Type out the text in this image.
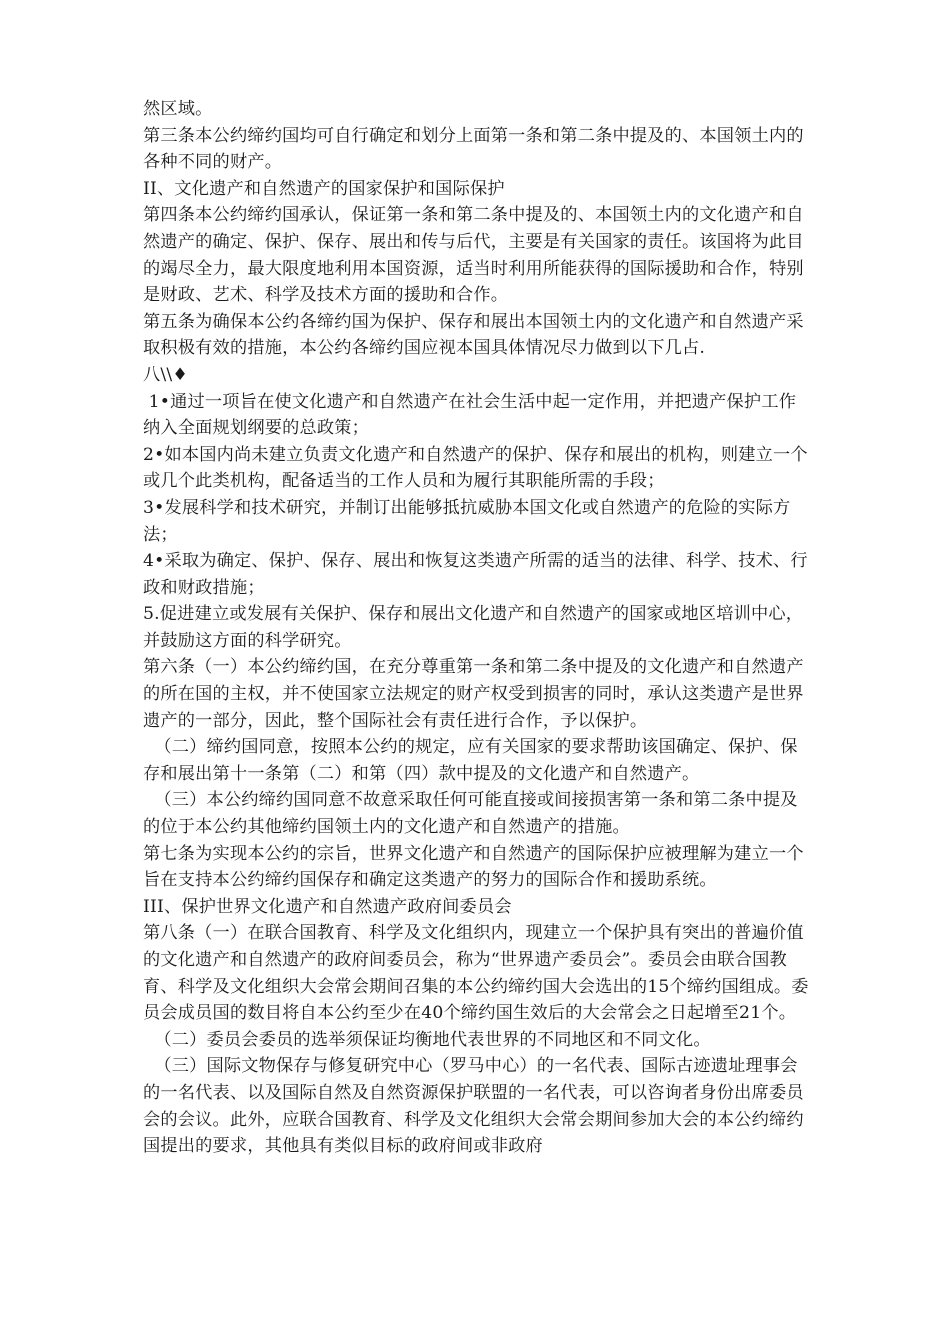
然区域。

第三条本公约缔约国均可自行确定和划分上面第一条和第二条中提及的、本国领土内的各种不同的财产。

II、文化遗产和自然遗产的国家保护和国际保护

第四条本公约缔约国承认，保证第一条和第二条中提及的、本国领土内的文化遗产和自然遗产的确定、保护、保存、展出和传与后代，主要是有关国家的责任。该国将为此目的竭尽全力，最大限度地利用本国资源，适当时利用所能获得的国际援助和合作，特别是财政、艺术、科学及技术方面的援助和合作。

第五条为确保本公约各缔约国为保护、保存和展出本国领土内的文化遗产和自然遗产采取积极有效的措施，本公约各缔约国应视本国具体情况尽力做到以下几占.

八\\♦

1•通过一项旨在使文化遗产和自然遗产在社会生活中起一定作用，并把遗产保护工作纳入全面规划纲要的总政策；

2•如本国内尚未建立负责文化遗产和自然遗产的保护、保存和展出的机构，则建立一个或几个此类机构，配备适当的工作人员和为履行其职能所需的手段；

3•发展科学和技术研究，并制订出能够抵抗威胁本国文化或自然遗产的危险的实际方法；

4•采取为确定、保护、保存、展出和恢复这类遗产所需的适当的法律、科学、技术、行政和财政措施；

5.促进建立或发展有关保护、保存和展出文化遗产和自然遗产的国家或地区培训中心，并鼓励这方面的科学研究。

第六条（一）本公约缔约国，在充分尊重第一条和第二条中提及的文化遗产和自然遗产的所在国的主权，并不使国家立法规定的财产权受到损害的同时，承认这类遗产是世界遗产的一部分，因此，整个国际社会有责任进行合作，予以保护。

（二）缔约国同意，按照本公约的规定，应有关国家的要求帮助该国确定、保护、保存和展出第十一条第（二）和第（四）款中提及的文化遗产和自然遗产。

（三）本公约缔约国同意不故意采取任何可能直接或间接损害第一条和第二条中提及的位于本公约其他缔约国领土内的文化遗产和自然遗产的措施。

第七条为实现本公约的宗旨，世界文化遗产和自然遗产的国际保护应被理解为建立一个旨在支持本公约缔约国保存和确定这类遗产的努力的国际合作和援助系统。

III、保护世界文化遗产和自然遗产政府间委员会

第八条（一）在联合国教育、科学及文化组织内，现建立一个保护具有突出的普遍价值的文化遗产和自然遗产的政府间委员会，称为“世界遗产委员会”。委员会由联合国教育、科学及文化组织大会常会期间召集的本公约缔约国大会选出的15个缔约国组成。委员会成员国的数目将自本公约至少在40个缔约国生效后的大会常会之日起增至21个。

（二）委员会委员的选举须保证均衡地代表世界的不同地区和不同文化。

（三）国际文物保存与修复研究中心（罗马中心）的一名代表、国际古迹遗址理事会的一名代表、以及国际自然及自然资源保护联盟的一名代表，可以咨询者身份出席委员会的会议。此外，应联合国教育、科学及文化组织大会常会期间参加大会的本公约缔约国提出的要求，其他具有类似目标的政府间或非政府
